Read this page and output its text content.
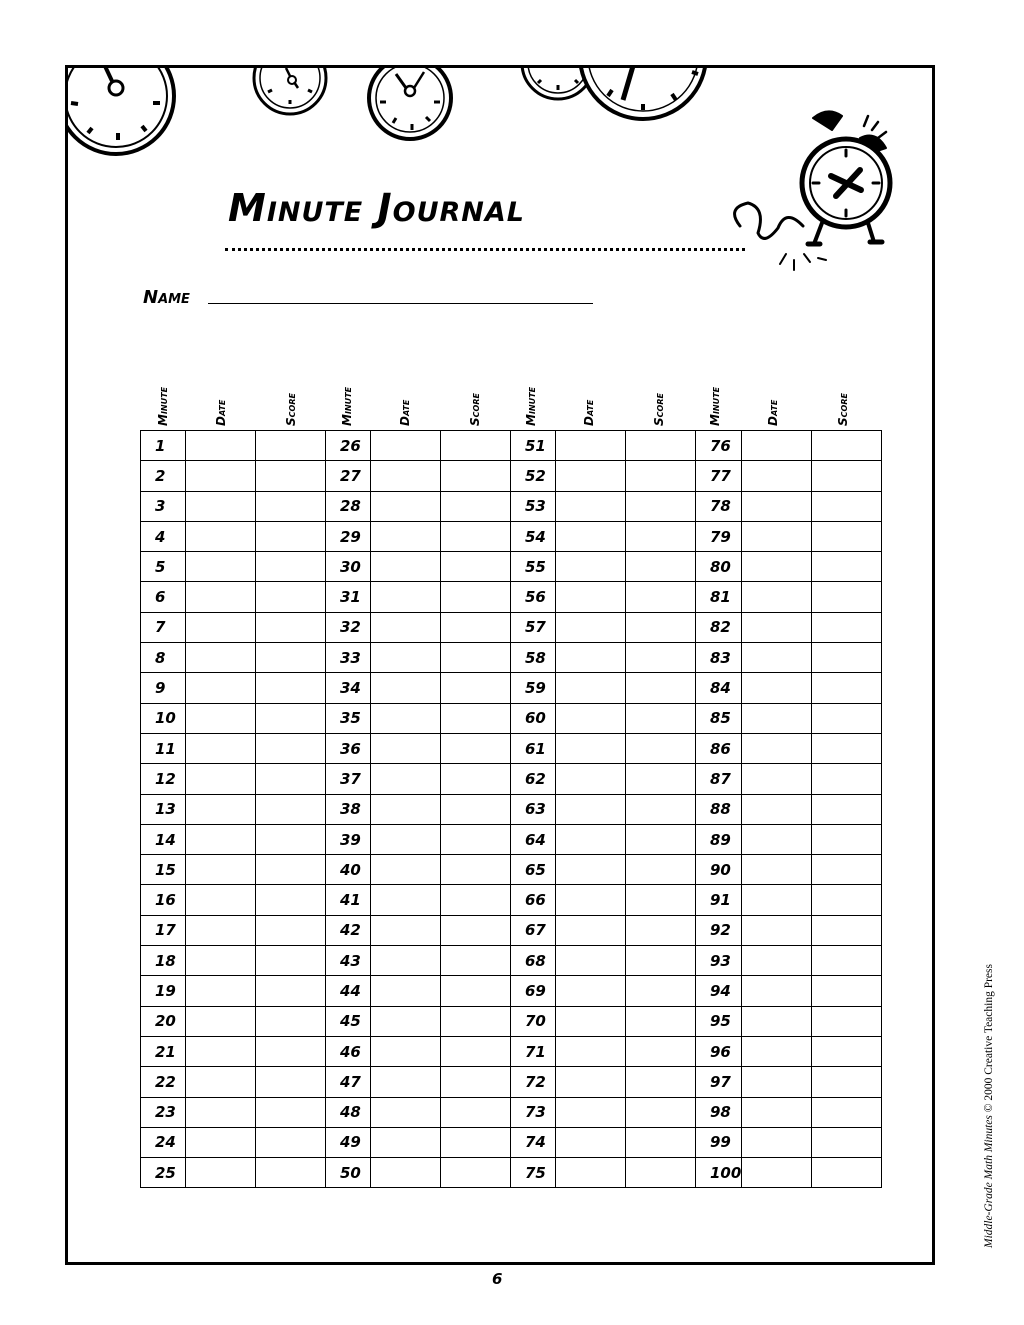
Minute Journal
Name
Minute	Date	Score	Minute	Date	Score	Minute	Date	Score	Minute	Date	Score
1			26			51			76		
2			27			52			77		
3			28			53			78		
4			29			54			79		
5			30			55			80		
6			31			56			81		
7			32			57			82		
8			33			58			83		
9			34			59			84		
10			35			60			85		
11			36			61			86		
12			37			62			87		
13			38			63			88		
14			39			64			89		
15			40			65			90		
16			41			66			91		
17			42			67			92		
18			43			68			93		
19			44			69			94		
20			45			70			95		
21			46			71			96		
22			47			72			97		
23			48			73			98		
24			49			74			99		
25			50			75			100		
6
Middle-Grade Math Minutes © 2000 Creative Teaching Press
